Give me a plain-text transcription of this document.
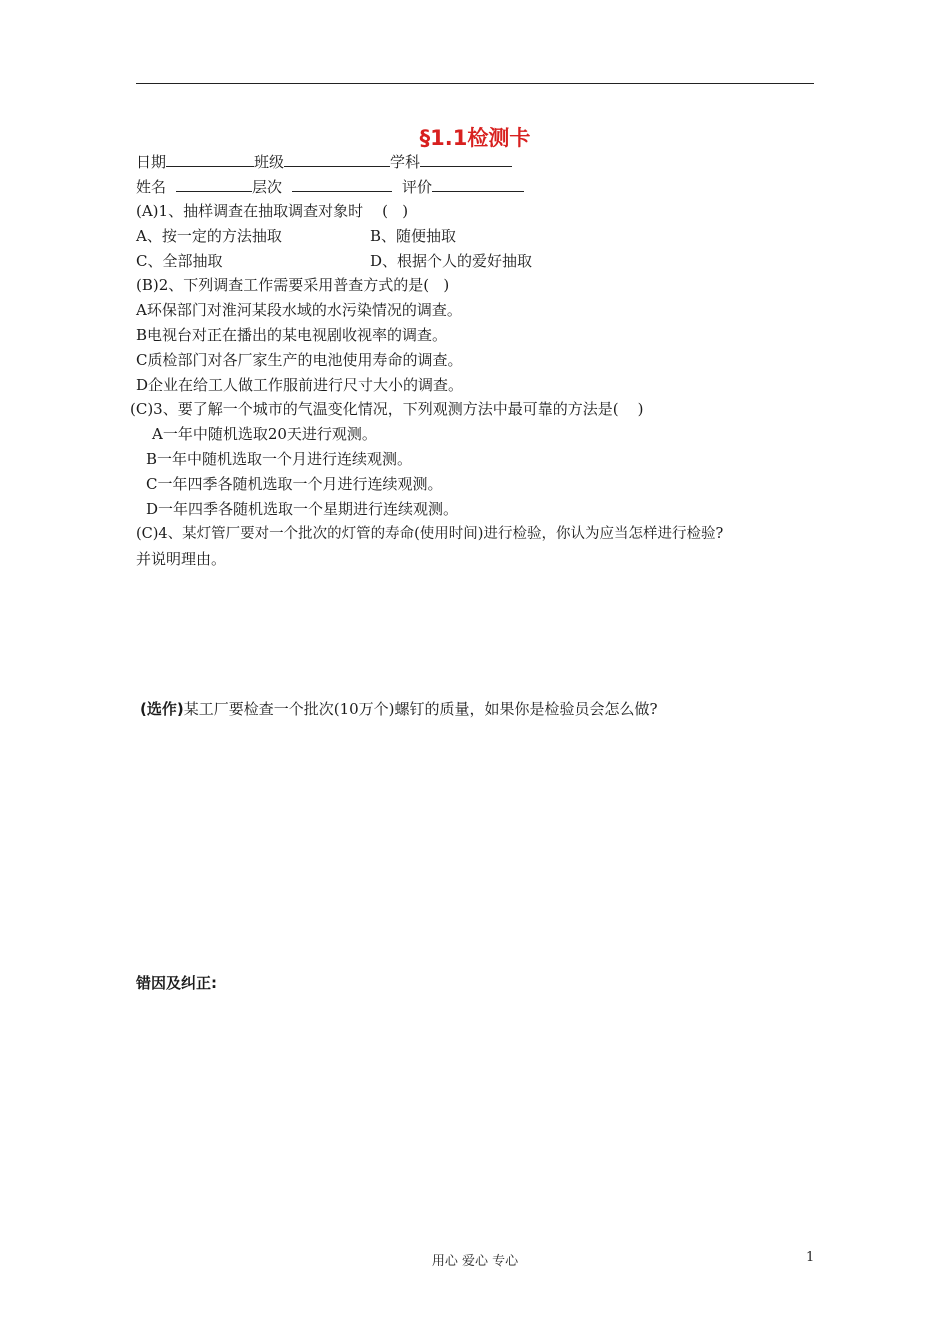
§1.1检测卡
日期	班级	学科
姓名	层次	评价
(A)1、抽样调查在抽取调查对象时    (   )
A、按一定的方法抽取	B、随便抽取
C、全部抽取	D、根据个人的爱好抽取
(B)2、下列调查工作需要采用普查方式的是(   )
A环保部门对淮河某段水域的水污染情况的调查。
B电视台对正在播出的某电视剧收视率的调查。
C质检部门对各厂家生产的电池使用寿命的调查。
D企业在给工人做工作服前进行尺寸大小的调查。
(C)3、要了解一个城市的气温变化情况，下列观测方法中最可靠的方法是(    )
A一年中随机选取20天进行观测。
B一年中随机选取一个月进行连续观测。
C一年四季各随机选取一个月进行连续观测。
D一年四季各随机选取一个星期进行连续观测。
(C)4、某灯管厂要对一个批次的灯管的寿命(使用时间)进行检验，你认为应当怎样进行检验?
并说明理由。
(选作)某工厂要检查一个批次(10万个)螺钉的质量，如果你是检验员会怎么做?
错因及纠正:
用心 爱心 专心	1
